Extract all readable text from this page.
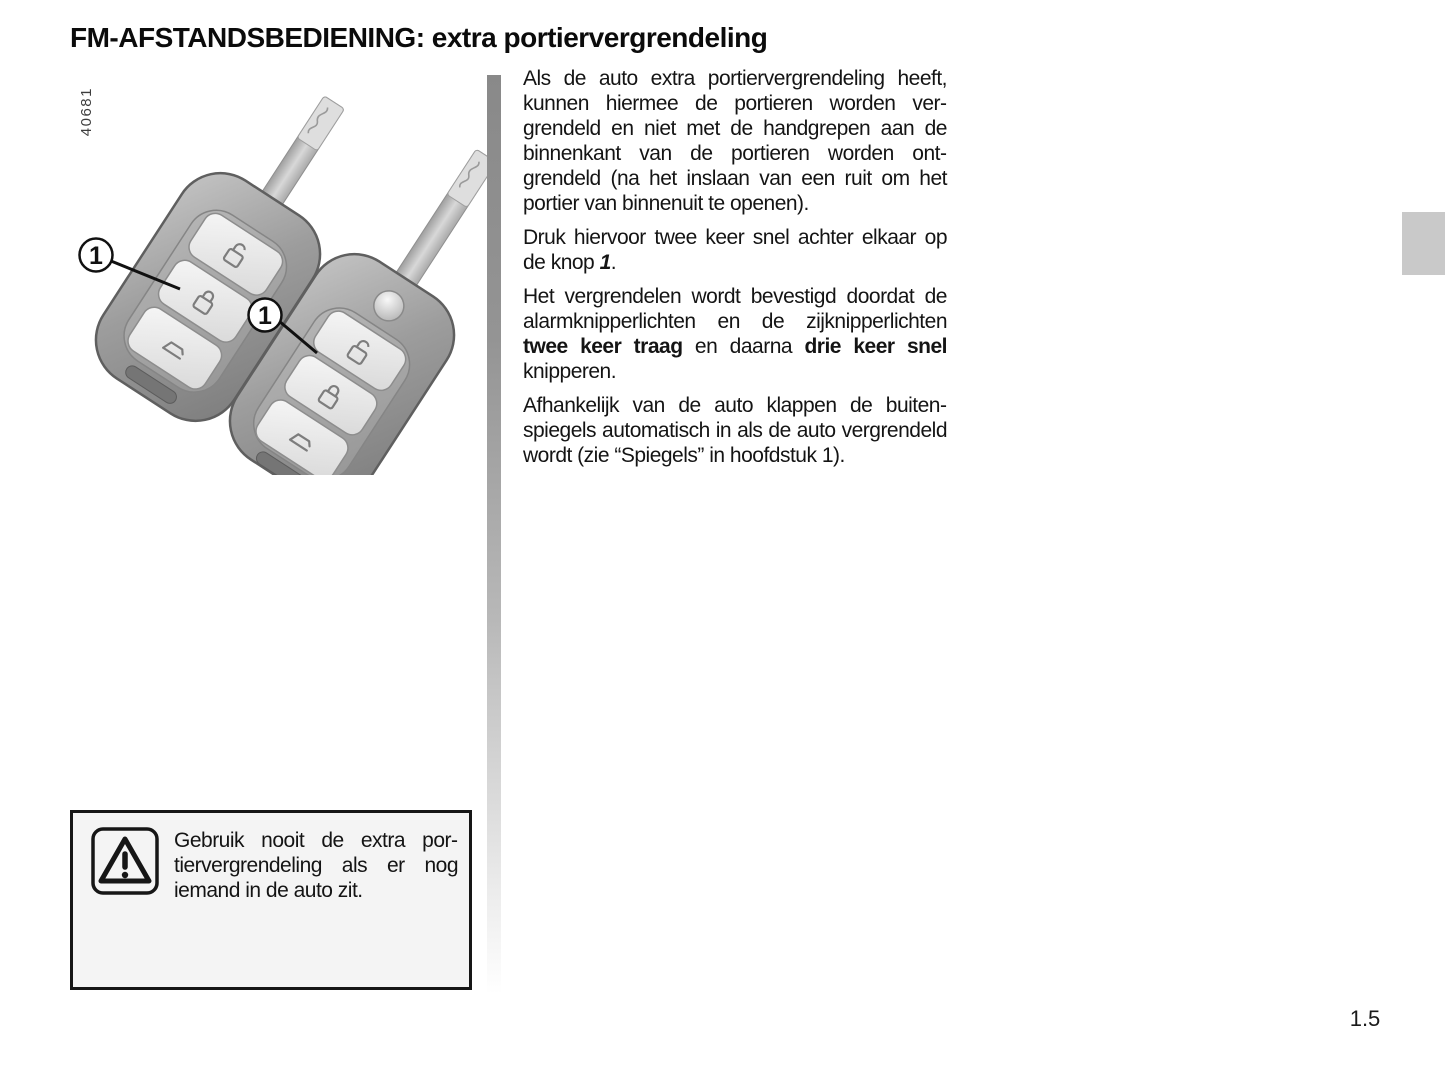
FM-AFSTANDSBEDIENING: extra portiervergrendeling
40681
1
1

Als de auto extra portiervergrendeling heeft, kunnen hiermee de portieren worden vergrendeld en niet met de handgrepen aan de binnenkant van de portieren worden ontgrendeld (na het inslaan van een ruit om het portier van binnenuit te openen).

Druk hiervoor twee keer snel achter elkaar op de knop 1.

Het vergrendelen wordt bevestigd doordat de alarmknipperlichten en de zijknipperlichten twee keer traag en daarna drie keer snel knipperen.

Afhankelijk van de auto klappen de buitenspiegels automatisch in als de auto vergrendeld wordt (zie “Spiegels” in hoofdstuk 1).

Gebruik nooit de extra portiervergrendeling als er nog iemand in de auto zit.

1.5
